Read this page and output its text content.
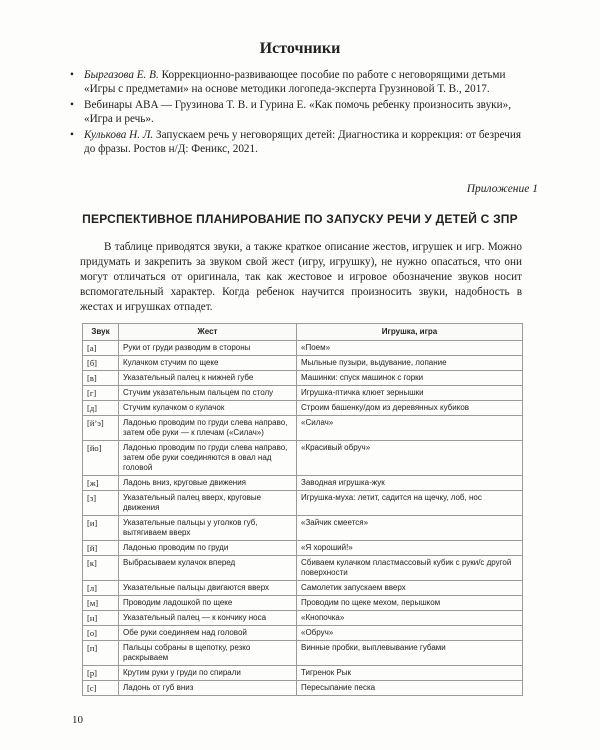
Источники
• Быргазова Е. В. Коррекционно-развивающее пособие по работе с неговорящими детьми «Игры с предметами» на основе методики логопеда-эксперта Грузиновой Т. В., 2017.
• Вебинары ABA — Грузинова Т. В. и Гурина Е. «Как помочь ребенку произносить звуки», «Игра и речь».
• Кулькова Н. Л. Запускаем речь у неговорящих детей: Диагностика и коррекция: от безречия до фразы. Ростов н/Д: Феникс, 2021.
Приложение 1
ПЕРСПЕКТИВНОЕ ПЛАНИРОВАНИЕ ПО ЗАПУСКУ РЕЧИ У ДЕТЕЙ С ЗПР

В таблице приводятся звуки, а также краткое описание жестов, игрушек и игр. Можно придумать и закрепить за звуком свой жест (игру, игрушку), не нужно опасаться, что они могут отличаться от оригинала, так как жестовое и игровое обозначение звуков носит вспомогательный характер. Когда ребенок научится произносить звуки, надобность в жестах и игрушках отпадет.

Звук	Жест	Игрушка, игра
[а]	Руки от груди разводим в стороны	«Поем»
[б]	Кулачком стучим по щеке	Мыльные пузыри, выдувание, лопание
[в]	Указательный палец к нижней губе	Машинки: спуск машинок с горки
[г]	Стучим указательным пальцем по столу	Игрушка-птичка клюет зернышки
[д]	Стучим кулачком о кулачок	Строим башенку/дом из деревянных кубиков
[йʼэ]	Ладонью проводим по груди слева направо, затем обе руки — к плечам («Силач»)	«Силач»
[йо]	Ладонью проводим по груди слева направо, затем обе руки соединяются в овал над головой	«Красивый обруч»
[ж]	Ладонь вниз, круговые движения	Заводная игрушка-жук
[з]	Указательный палец вверх, круговые движения	Игрушка-муха: летит, садится на щечку, лоб, нос
[и]	Указательные пальцы у уголков губ, вытягиваем вверх	«Зайчик смеется»
[й]	Ладонью проводим по груди	«Я хороший!»
[к]	Выбрасываем кулачок вперед	Сбиваем кулачком пластмассовый кубик с руки/с другой поверхности
[л]	Указательные пальцы двигаются вверх	Самолетик запускаем вверх
[м]	Проводим ладошкой по щеке	Проводим по щеке мехом, перышком
[н]	Указательный палец — к кончику носа	«Кнопочка»
[о]	Обе руки соединяем над головой	«Обруч»
[п]	Пальцы собраны в щепотку, резко раскрываем	Винные пробки, выплевывание губами
[р]	Крутим руки у груди по спирали	Тигренок Рык
[с]	Ладонь от губ вниз	Пересыпание песка
10
